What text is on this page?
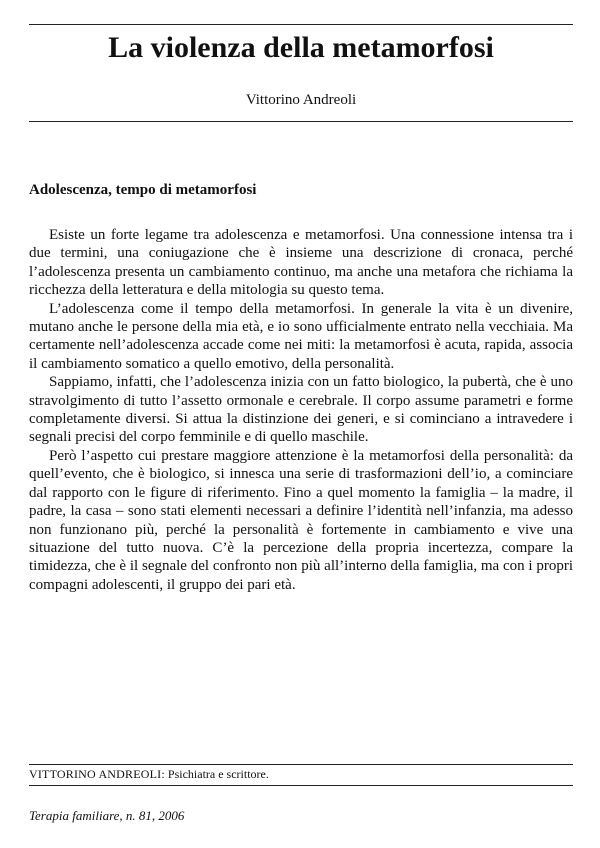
La violenza della metamorfosi
Vittorino Andreoli
Adolescenza, tempo di metamorfosi

Esiste un forte legame tra adolescenza e metamorfosi. Una connessione intensa tra i due termini, una coniugazione che è insieme una descrizione di cronaca, perché l’adolescenza presenta un cambiamento continuo, ma anche una metafora che richiama la ricchezza della letteratura e della mitologia su questo tema.

L’adolescenza come il tempo della metamorfosi. In generale la vita è un divenire, mutano anche le persone della mia età, e io sono ufficialmente entrato nella vecchiaia. Ma certamente nell’adolescenza accade come nei miti: la metamorfosi è acuta, rapida, associa il cambiamento somatico a quello emotivo, della personalità.

Sappiamo, infatti, che l’adolescenza inizia con un fatto biologico, la pubertà, che è uno stravolgimento di tutto l’assetto ormonale e cerebrale. Il corpo assume parametri e forme completamente diversi. Si attua la distinzione dei generi, e si cominciano a intravedere i segnali precisi del corpo femminile e di quello maschile.

Però l’aspetto cui prestare maggiore attenzione è la metamorfosi della personalità: da quell’evento, che è biologico, si innesca una serie di trasformazioni dell’io, a cominciare dal rapporto con le figure di riferimento. Fino a quel momento la famiglia – la madre, il padre, la casa – sono stati elementi necessari a definire l’identità nell’infanzia, ma adesso non funzionano più, perché la personalità è fortemente in cambiamento e vive una situazione del tutto nuova. C’è la percezione della propria incertezza, compare la timidezza, che è il segnale del confronto non più all’interno della famiglia, ma con i propri compagni adolescenti, il gruppo dei pari età.

VITTORINO ANDREOLI: Psichiatra e scrittore.
Terapia familiare, n. 81, 2006
